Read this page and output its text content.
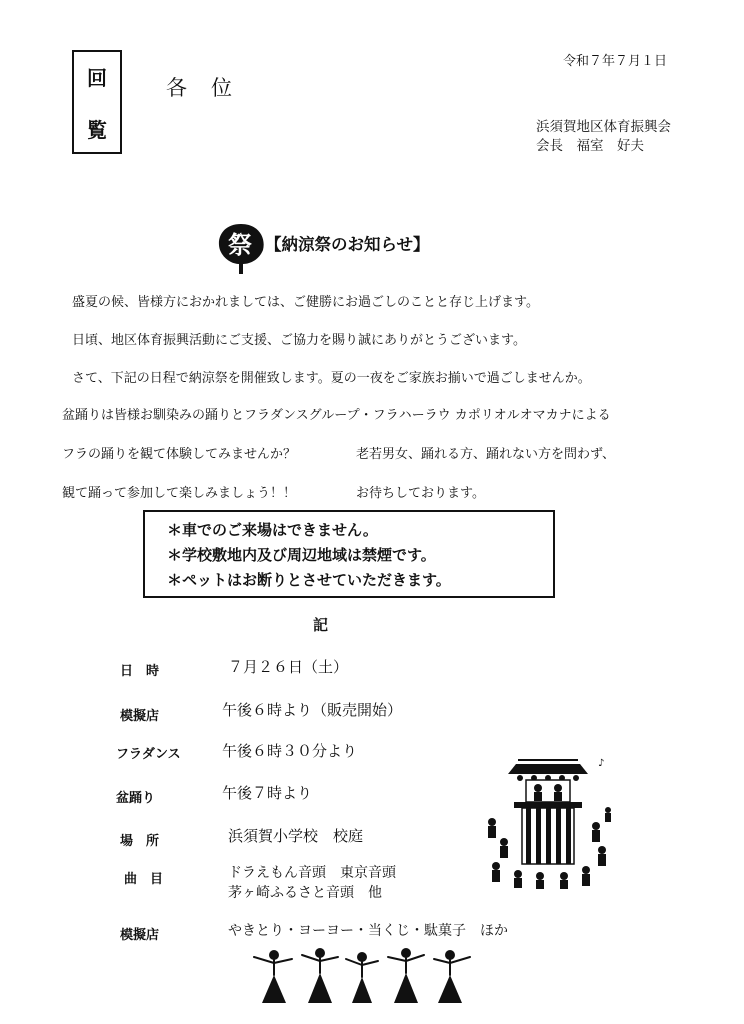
回
覧
各位
令和７年７月１日
浜須賀地区体育振興会
会長　福室　好夫
祭 【納涼祭のお知らせ】
盛夏の候、皆様方におかれましては、ご健勝にお過ごしのことと存じ上げます。
日頃、地区体育振興活動にご支援、ご協力を賜り誠にありがとうございます。
さて、下記の日程で納涼祭を開催致します。夏の一夜をご家族お揃いで過ごしませんか。
盆踊りは皆様お馴染みの踊りとフラダンスグループ・フラハーラウ カポリオルオマカナによる
フラの踊りを観て体験してみませんか？	老若男女、踊れる方、踊れない方を問わず、
観て踊って参加して楽しみましょう！！	お待ちしております。
＊車でのご来場はできません。
＊学校敷地内及び周辺地域は禁煙です。
＊ペットはお断りとさせていただきます。
記
日　時	７月２６日（土）
模擬店	午後６時より（販売開始）
フラダンス	午後６時３０分より
盆踊り	午後７時より
場　所	浜須賀小学校　校庭
曲　目	ドラえもん音頭　東京音頭
茅ヶ崎ふるさと音頭　他
模擬店	やきとり・ヨーヨー・当くじ・駄菓子　ほか
♪
